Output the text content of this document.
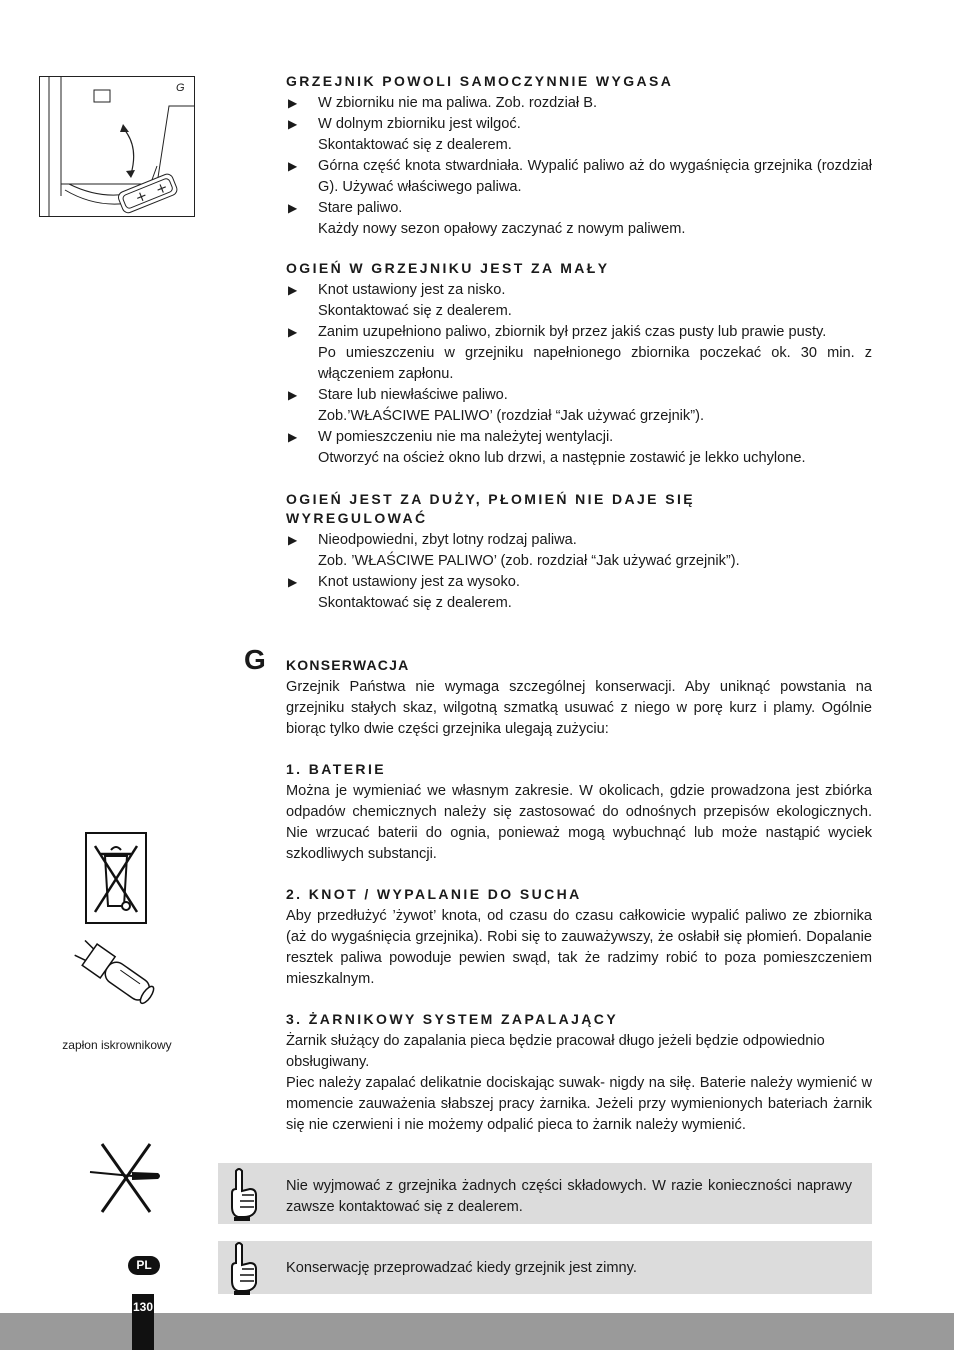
+ +
G	GRZEJNIK POWOLI SAMOCZYNNIE WYGASA

▶ W zbiorniku nie ma paliwa. Zob. rozdział B.
▶ W dolnym zbiorniku jest wilgoć.
Skontaktować się z dealerem.
▶ Górna część knota stwardniała. Wypalić paliwo aż do wygaśnięcia grzejnika (rozdział G). Używać właściwego paliwa.
▶ Stare paliwo.
Każdy nowy sezon opałowy zaczynać z nowym paliwem.

OGIEŃ W GRZEJNIKU JEST ZA MAŁY

▶ Knot ustawiony jest za nisko.
Skontaktować się z dealerem.
▶ Zanim uzupełniono paliwo, zbiornik był przez jakiś czas pusty lub prawie pusty.
Po umieszczeniu w grzejniku napełnionego zbiornika poczekać ok. 30 min. z włączeniem zapłonu.
▶ Stare lub niewłaściwe paliwo.
Zob.’WŁAŚCIWE PALIWO’ (rozdział “Jak używać grzejnik”).
▶ W pomieszczeniu nie ma należytej wentylacji.
Otworzyć na oścież okno lub drzwi, a następnie zostawić je lekko uchylone.

OGIEŃ JEST ZA DUŻY, PŁOMIEŃ NIE DAJE SIĘ WYREGULOWAĆ

▶ Nieodpowiedni, zbyt lotny rodzaj paliwa.
Zob. ’WŁAŚCIWE PALIWO’ (zob. rozdział “Jak używać grzejnik”).
▶ Knot ustawiony jest za wysoko.
Skontaktować się z dealerem.
G KONSERWACJA

Grzejnik Państwa nie wymaga szczególnej konserwacji. Aby uniknąć powstania na grzejniku stałych skaz, wilgotną szmatką usuwać z niego w porę kurz i plamy. Ogólnie biorąc tylko dwie części grzejnika ulegają zużyciu:

1. BATERIE

Można je wymieniać we własnym zakresie. W okolicach, gdzie prowadzona jest zbiórka odpadów chemicznych należy się zastosować do odnośnych przepisów ekologicznych. Nie wrzucać baterii do ognia, ponieważ mogą wybuchnąć lub może nastąpić wyciek szkodliwych substancji.

2. KNOT / WYPALANIE DO SUCHA

Aby przedłużyć ’żywot’ knota, od czasu do czasu całkowicie wypalić paliwo ze zbiornika (aż do wygaśnięcia grzejnika). Robi się to zauważywszy, że osłabił się płomień. Dopalanie resztek paliwa powoduje pewien swąd, tak że radzimy robić to poza pomieszczeniem mieszkalnym.

3. ŻARNIKOWY SYSTEM ZAPALAJĄCY

Żarnik służący do zapalania pieca będzie pracował długo jeżeli będzie odpowiednio obsługiwany.

Piec należy zapalać delikatnie dociskając suwak- nigdy na siłę. Baterie należy wymienić w momencie zauważenia słabszej pracy żarnika. Jeżeli przy wymienionych bateriach żarnik się nie czerwieni i nie możemy odpalić pieca to żarnik należy wymienić.

zapłon iskrownikowy
Nie wyjmować z grzejnika żadnych części składowych. W razie konieczności naprawy zawsze kontaktować się z dealerem.
Konserwację przeprowadzać kiedy grzejnik jest zimny.
PL
130
